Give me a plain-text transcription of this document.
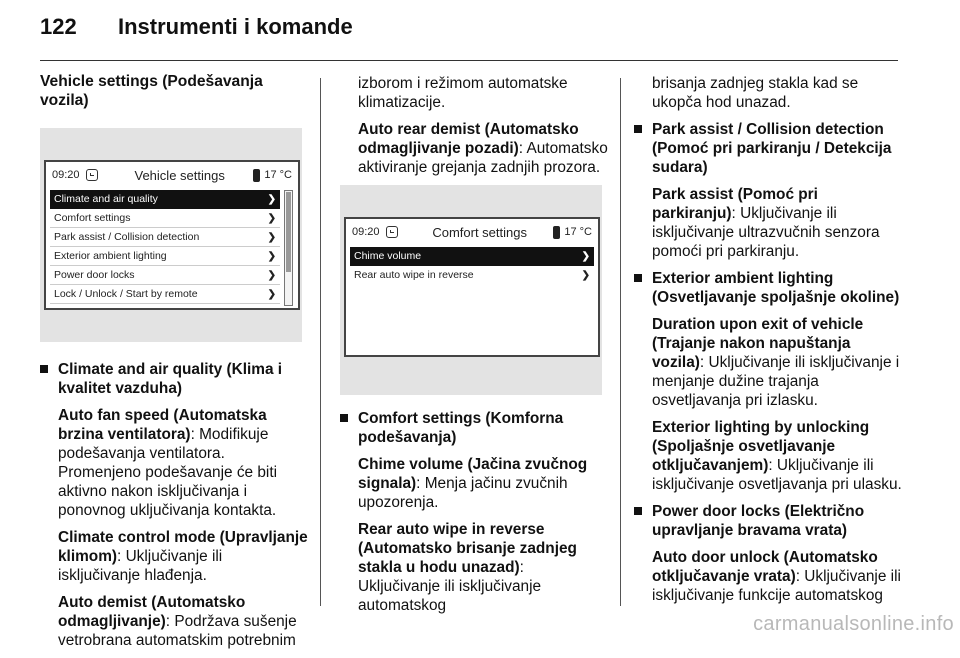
122 Instrumenti i komande
Vehicle settings (Podešavanja vozila)
09:20	Vehicle settings	17 °C
Climate and air quality	❯
Comfort settings	❯
Park assist / Collision detection	❯
Exterior ambient lighting	❯
Power door locks	❯
Lock / Unlock / Start by remote	❯
Climate and air quality (Klima i kvalitet vazduha)

Auto fan speed (Automatska brzina ventilatora): Modifikuje podešavanja ventilatora. Promenjeno podešavanje će biti aktivno nakon isključivanja i ponovnog uključivanja kontakta.

Climate control mode (Upravljanje klimom): Uključivanje ili isključivanje hlađenja.

Auto demist (Automatsko odmagljivanje): Podržava sušenje vetrobrana automatskim potrebnim

izborom i režimom automatske klimatizacije.

Auto rear demist (Automatsko odmagljivanje pozadi): Automatsko aktiviranje grejanja zadnjih prozora.

09:20	Comfort settings	17 °C
Chime volume	❯
Rear auto wipe in reverse	❯
Comfort settings (Komforna podešavanja)

Chime volume (Jačina zvučnog signala): Menja jačinu zvučnih upozorenja.

Rear auto wipe in reverse (Automatsko brisanje zadnjeg stakla u hodu unazad): Uključivanje ili isključivanje automatskog

brisanja zadnjeg stakla kad se ukopča hod unazad.

Park assist / Collision detection (Pomoć pri parkiranju / Detekcija sudara)

Park assist (Pomoć pri parkiranju): Uključivanje ili isključivanje ultrazvučnih senzora pomoći pri parkiranju.

Exterior ambient lighting (Osvetljavanje spoljašnje okoline)

Duration upon exit of vehicle (Trajanje nakon napuštanja vozila): Uključivanje ili isključivanje i menjanje dužine trajanja osvetljavanja pri izlasku.

Exterior lighting by unlocking (Spoljašnje osvetljavanje otključavanjem): Uključivanje ili isključivanje osvetljavanja pri ulasku.

Power door locks (Električno upravljanje bravama vrata)

Auto door unlock (Automatsko otključavanje vrata): Uključivanje ili isključivanje funkcije automatskog

carmanualsonline.info
